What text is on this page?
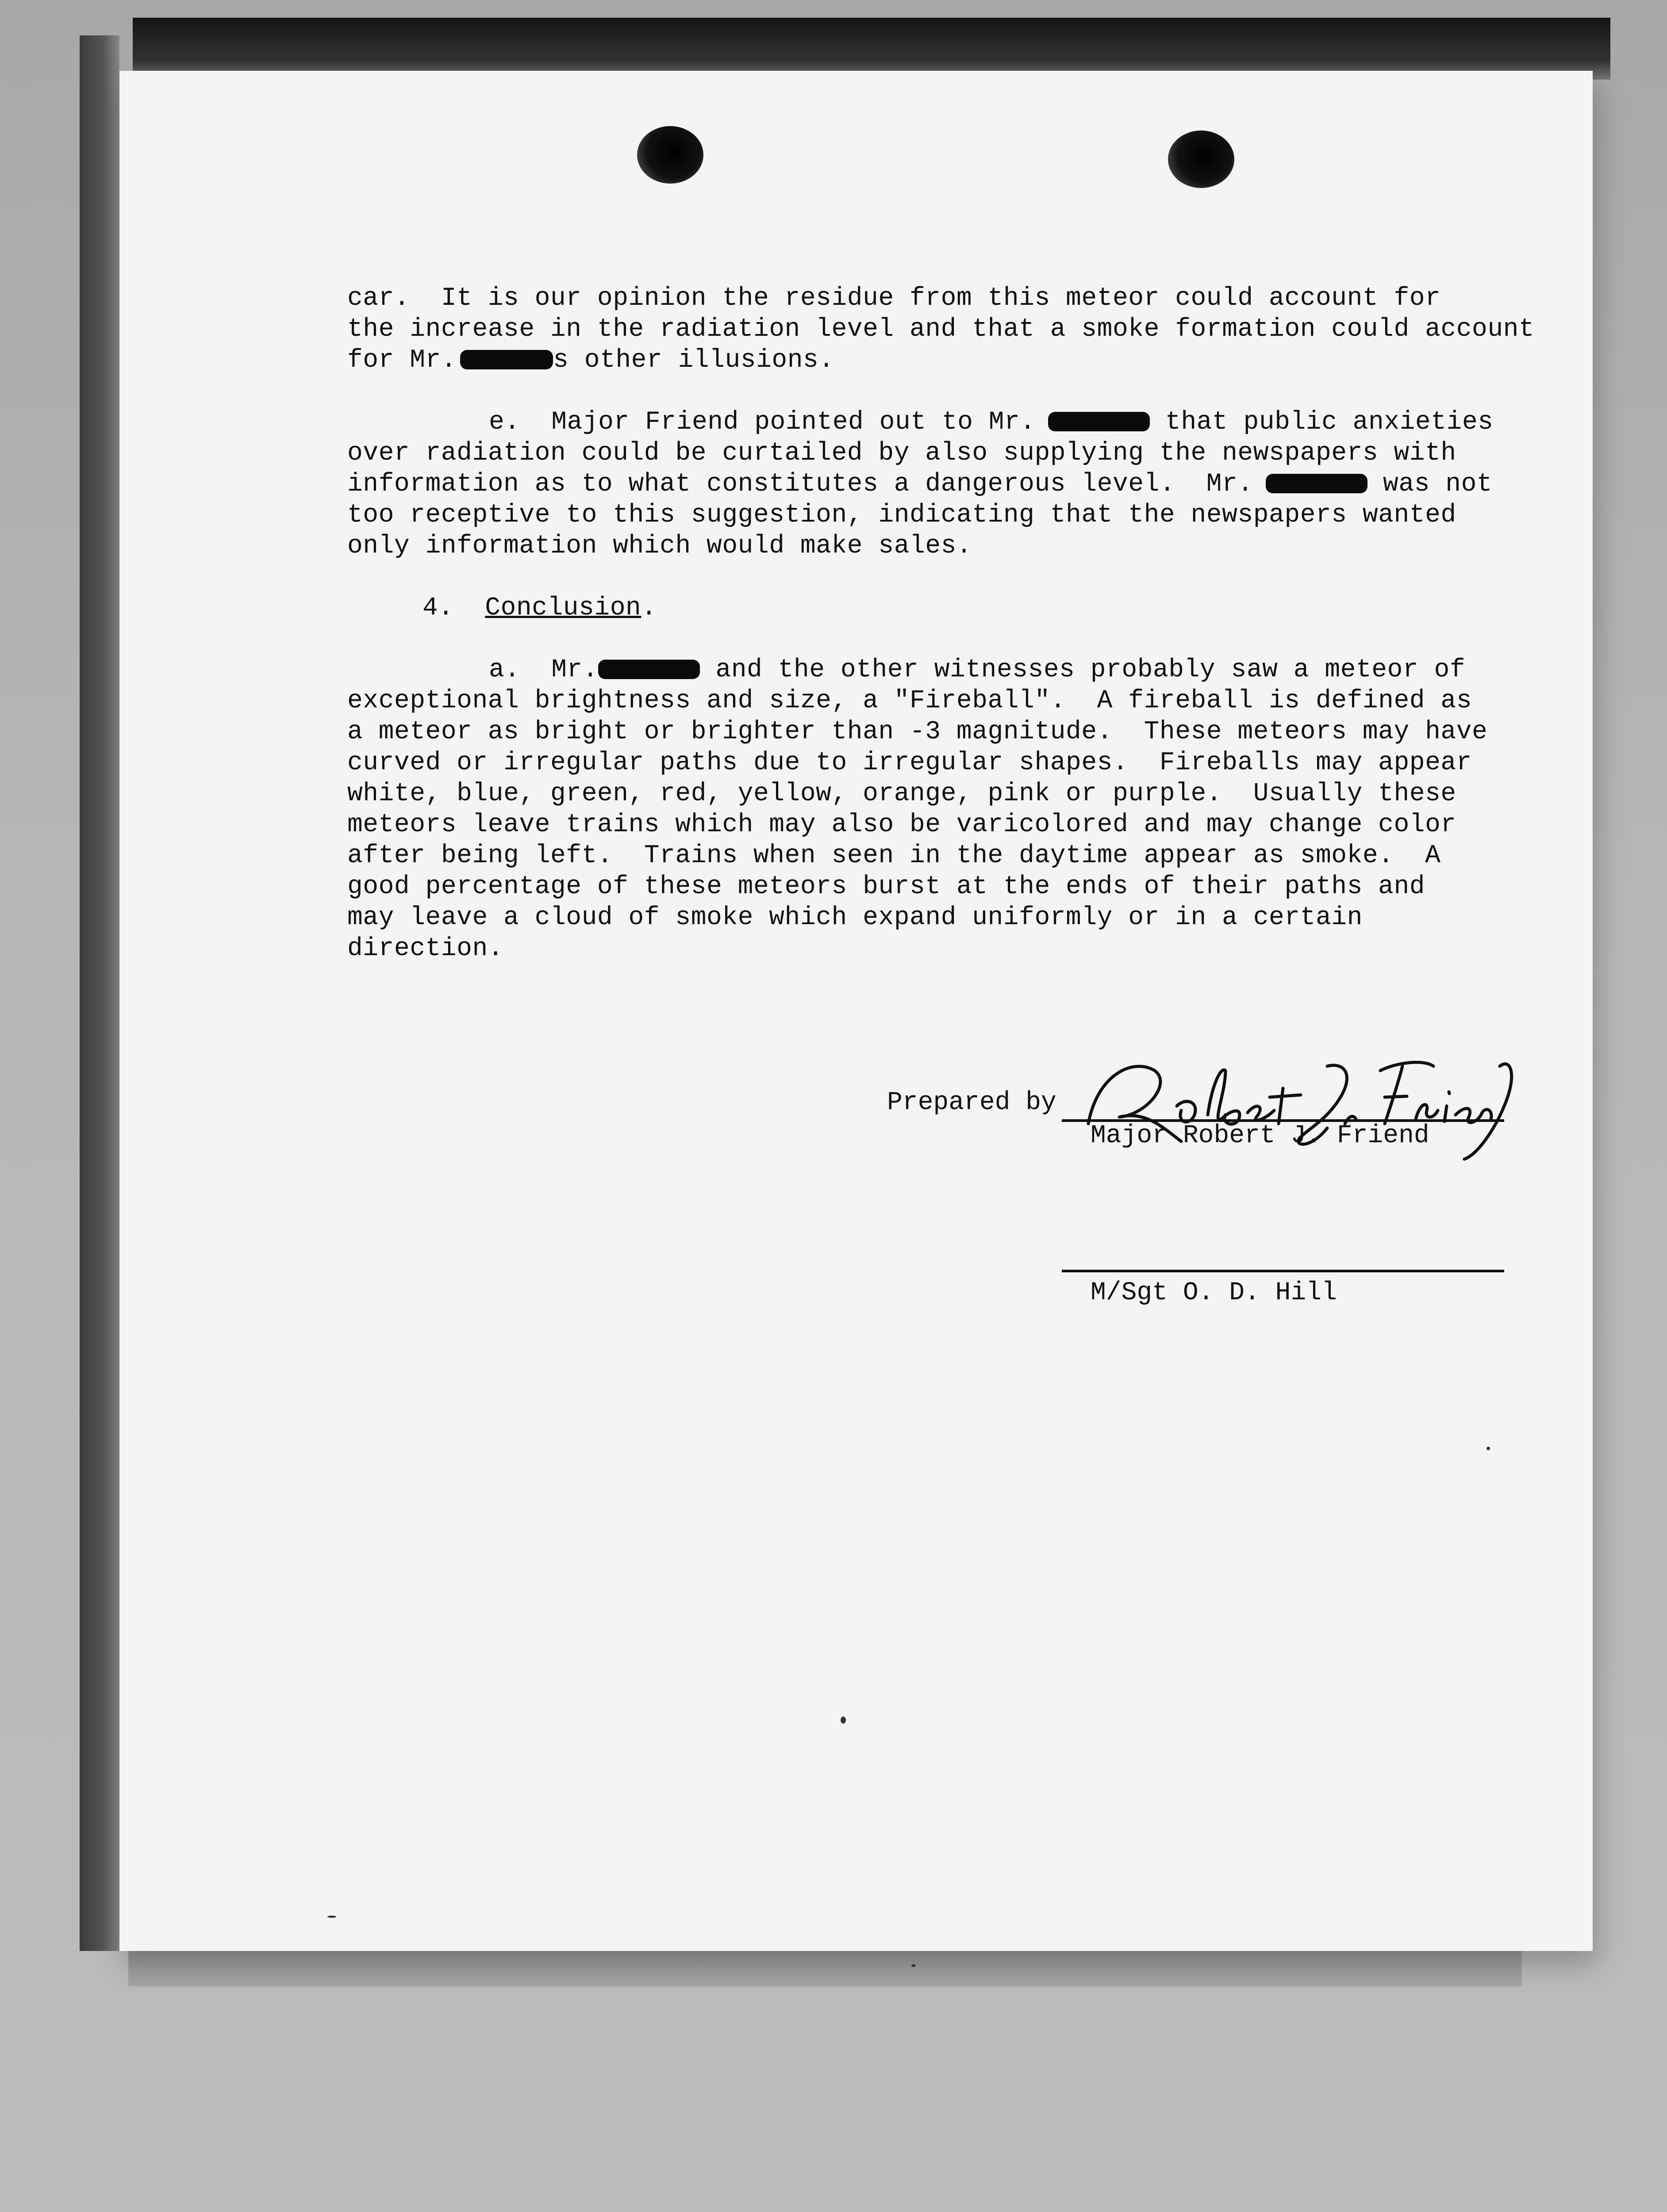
car.  It is our opinion the residue from this meteor could account for
the increase in the radiation level and that a smoke formation could account
for Mr.	s other illusions.
e.  Major Friend pointed out to Mr.	that public anxieties
over radiation could be curtailed by also supplying the newspapers with
information as to what constitutes a dangerous level.  Mr.	was not
too receptive to this suggestion, indicating that the newspapers wanted
only information which would make sales.
4. Conclusion.
a.  Mr.	and the other witnesses probably saw a meteor of
exceptional brightness and size, a "Fireball".  A fireball is defined as
a meteor as bright or brighter than -3 magnitude.  These meteors may have
curved or irregular paths due to irregular shapes.  Fireballs may appear
white, blue, green, red, yellow, orange, pink or purple.  Usually these
meteors leave trains which may also be varicolored and may change color
after being left.  Trains when seen in the daytime appear as smoke.  A
good percentage of these meteors burst at the ends of their paths and
may leave a cloud of smoke which expand uniformly or in a certain
direction.
Prepared by
Major Robert J. Friend
M/Sgt O. D. Hill
